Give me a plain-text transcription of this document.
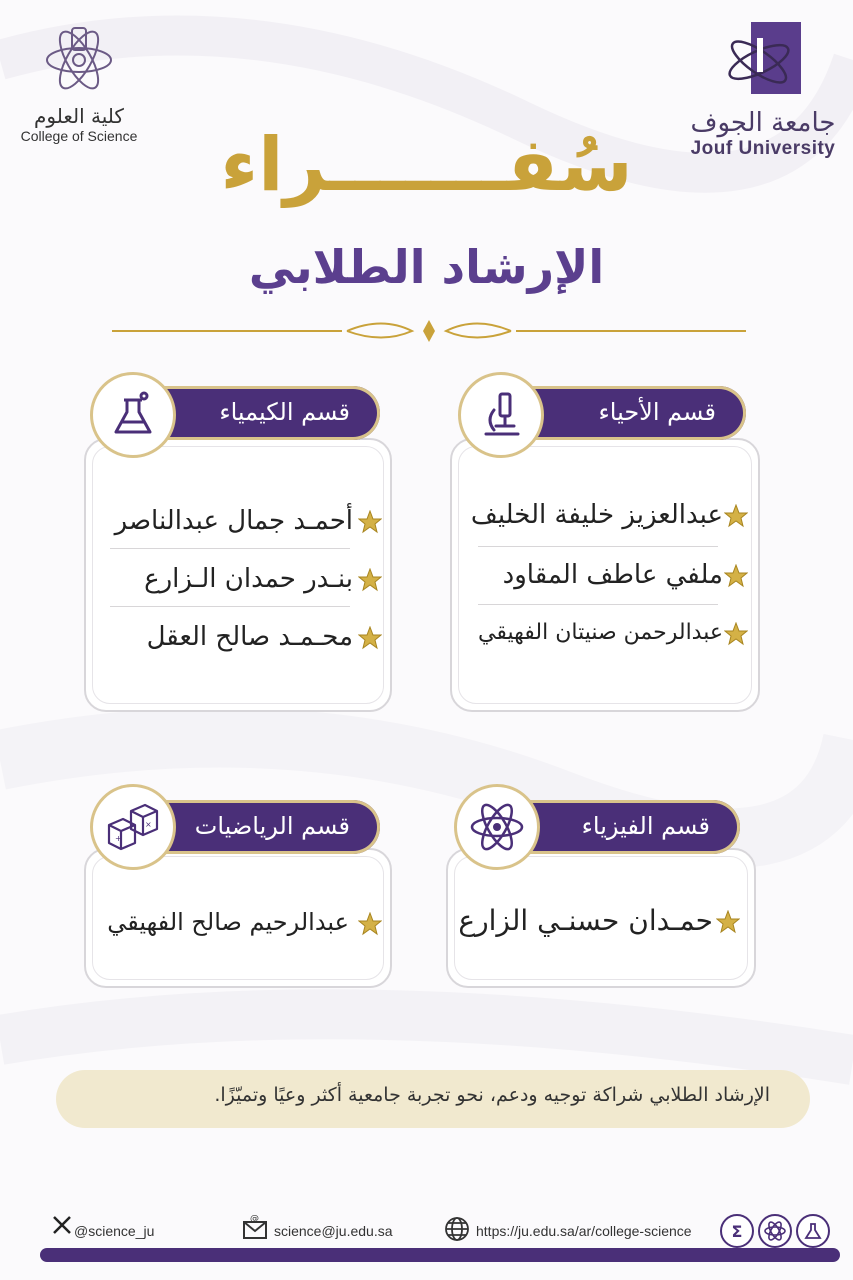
كلية العلوم
College of Science	جامعة الجوف
Jouf University
سُفـــــــراء
الإرشاد الطلابي
قسم الأحياء
عبدالعزيز خليفة الخليف
ملفي عاطف المقاود
عبدالرحمن صنيتان الفهيقي
قسم الكيمياء
أحمـد جمال عبدالناصر
بنـدر حمدان الـزارع
محـمـد صالح العقل
قسم الفيزياء
حمـدان حسنـي الزارع
قسم الرياضيات
×
+
عبدالرحيم صالح الفهيقي
الإرشاد الطلابي شراكة توجيه ودعم، نحو تجربة جامعية أكثر وعيًا وتميّزًا.
@science_ju
@
science@ju.edu.sa	https://ju.edu.sa/ar/college-science Σ
